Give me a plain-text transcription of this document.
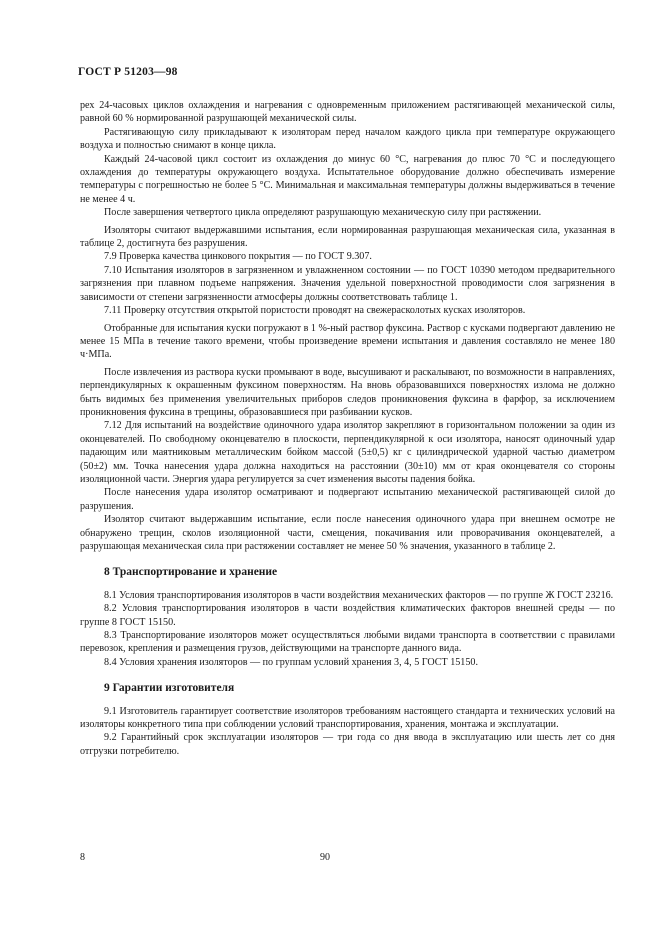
ГОСТ Р 51203—98

рех 24-часовых циклов охлаждения и нагревания с одновременным приложением растягивающей механической силы, равной 60 % нормированной разрушающей механической силы.

Растягивающую силу прикладывают к изоляторам перед началом каждого цикла при температуре окружающего воздуха и полностью снимают в конце цикла.

Каждый 24-часовой цикл состоит из охлаждения до минус 60 °С, нагревания до плюс 70 °С и последующего охлаждения до температуры окружающего воздуха. Испытательное оборудование должно обеспечивать измерение температуры с погрешностью не более 5 °С. Минимальная и максимальная температуры должны выдерживаться в течение не менее 4 ч.

После завершения четвертого цикла определяют разрушающую механическую силу при растяжении.

Изоляторы считают выдержавшими испытания, если нормированная разрушающая механическая сила, указанная в таблице 2, достигнута без разрушения.

7.9 Проверка качества цинкового покрытия — по ГОСТ 9.307.

7.10 Испытания изоляторов в загрязненном и увлажненном состоянии — по ГОСТ 10390 методом предварительного загрязнения при плавном подъеме напряжения. Значения удельной поверхностной проводимости слоя загрязнения в зависимости от степени загрязненности атмосферы должны соответствовать таблице 1.

7.11 Проверку отсутствия открытой пористости проводят на свежерасколотых кусках изоляторов.

Отобранные для испытания куски погружают в 1 %-ный раствор фуксина. Раствор с кусками подвергают давлению не менее 15 МПа в течение такого времени, чтобы произведение времени испытания и давления составляло не менее 180 ч·МПа.

После извлечения из раствора куски промывают в воде, высушивают и раскалывают, по возможности в направлениях, перпендикулярных к окрашенным фуксином поверхностям. На вновь образовавшихся поверхностях излома не должно быть видимых без применения увеличительных приборов следов проникновения фуксина в фарфор, за исключением проникновения фуксина в трещины, образовавшиеся при разбивании кусков.

7.12 Для испытаний на воздействие одиночного удара изолятор закрепляют в горизонтальном положении за один из оконцевателей. По свободному оконцевателю в плоскости, перпендикулярной к оси изолятора, наносят одиночный удар падающим или маятниковым металлическим бойком массой (5±0,5) кг с цилиндрической ударной частью диаметром (50±2) мм. Точка нанесения удара должна находиться на расстоянии (30±10) мм от края оконцевателя со стороны изоляционной части. Энергия удара регулируется за счет изменения высоты падения бойка.

После нанесения удара изолятор осматривают и подвергают испытанию механической растягивающей силой до разрушения.

Изолятор считают выдержавшим испытание, если после нанесения одиночного удара при внешнем осмотре не обнаружено трещин, сколов изоляционной части, смещения, покачивания или проворачивания оконцевателей, а разрушающая механическая сила при растяжении составляет не менее 50 % значения, указанного в таблице 2.

8 Транспортирование и хранение

8.1 Условия транспортирования изоляторов в части воздействия механических факторов — по группе Ж ГОСТ 23216.

8.2 Условия транспортирования изоляторов в части воздействия климатических факторов внешней среды — по группе 8 ГОСТ 15150.

8.3 Транспортирование изоляторов может осуществляться любыми видами транспорта в соответствии с правилами перевозок, крепления и размещения грузов, действующими на транспорте данного вида.

8.4 Условия хранения изоляторов — по группам условий хранения 3, 4, 5 ГОСТ 15150.

9 Гарантии изготовителя

9.1 Изготовитель гарантирует соответствие изоляторов требованиям настоящего стандарта и технических условий на изоляторы конкретного типа при соблюдении условий транспортирования, хранения, монтажа и эксплуатации.

9.2 Гарантийный срок эксплуатации изоляторов — три года со дня ввода в эксплуатацию или шесть лет со дня отгрузки потребителю.

8	90
